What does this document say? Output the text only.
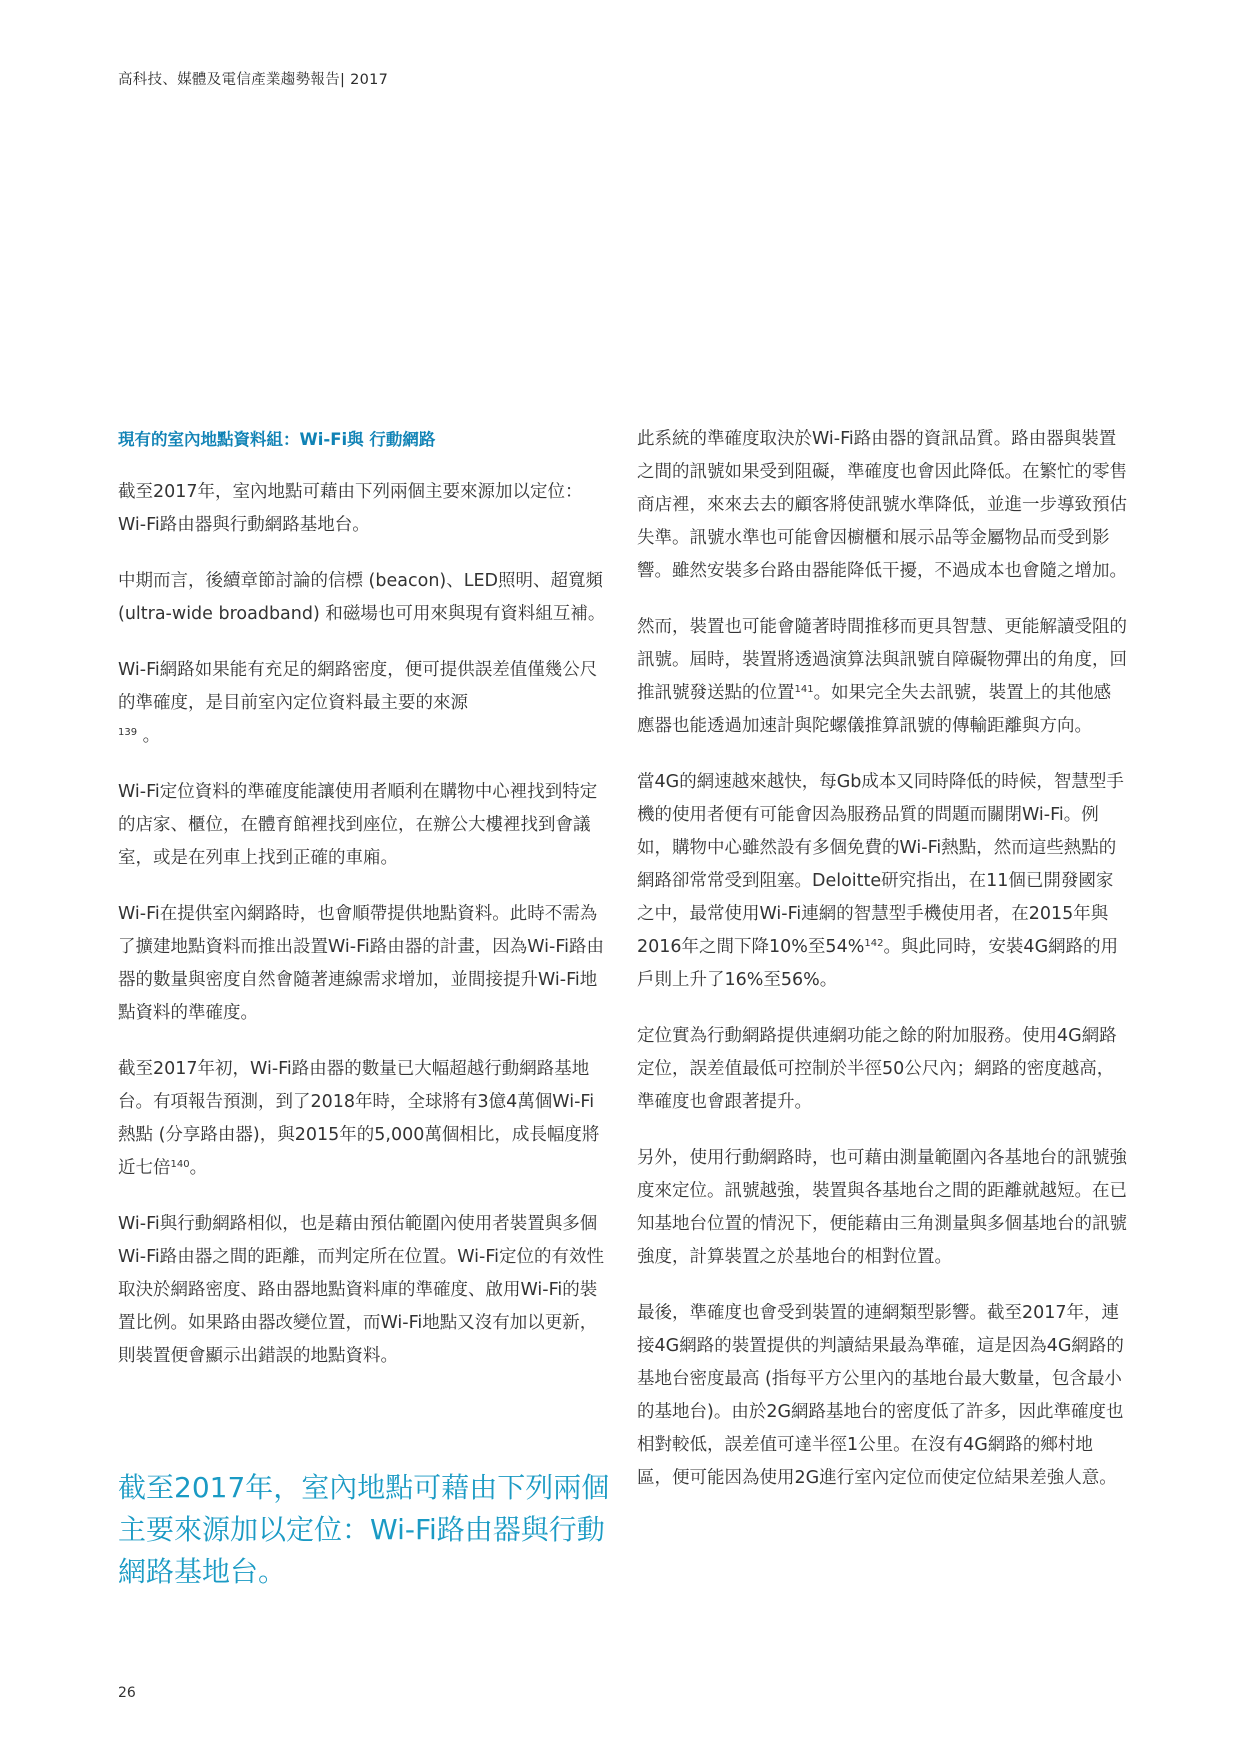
高科技、媒體及電信產業趨勢報告| 2017
現有的室內地點資料組：Wi-Fi與 行動網路

截至2017年，室內地點可藉由下列兩個主要來源加以定位：Wi-Fi路由器與行動網路基地台。

中期而言，後續章節討論的信標 (beacon)、LED照明、超寬頻 (ultra-wide broadband) 和磁場也可用來與現有資料組互補。

Wi-Fi網路如果能有充足的網路密度，便可提供誤差值僅幾公尺的準確度，是目前室內定位資料最主要的來源
$^{139}$ 。

Wi-Fi定位資料的準確度能讓使用者順利在購物中心裡找到特定的店家、櫃位，在體育館裡找到座位，在辦公大樓裡找到會議室，或是在列車上找到正確的車廂。

Wi-Fi在提供室內網路時，也會順帶提供地點資料。此時不需為了擴建地點資料而推出設置Wi-Fi路由器的計畫，因為Wi-Fi路由器的數量與密度自然會隨著連線需求增加，並間接提升Wi-Fi地點資料的準確度。

截至2017年初，Wi-Fi路由器的數量已大幅超越行動網路基地台。有項報告預測，到了2018年時，全球將有3億4萬個Wi-Fi熱點 (分享路由器)，與2015年的5,000萬個相比，成長幅度將近七倍$^{140}$。

Wi-Fi與行動網路相似，也是藉由預估範圍內使用者裝置與多個Wi-Fi路由器之間的距離，而判定所在位置。Wi-Fi定位的有效性取決於網路密度、路由器地點資料庫的準確度、啟用Wi-Fi的裝置比例。如果路由器改變位置，而Wi-Fi地點又沒有加以更新，則裝置便會顯示出錯誤的地點資料。

截至2017年，室內地點可藉由下列兩個主要來源加以定位：Wi-Fi路由器與行動網路基地台。

此系統的準確度取決於Wi-Fi路由器的資訊品質。路由器與裝置之間的訊號如果受到阻礙，準確度也會因此降低。在繁忙的零售商店裡，來來去去的顧客將使訊號水準降低，並進一步導致預估失準。訊號水準也可能會因櫥櫃和展示品等金屬物品而受到影響。雖然安裝多台路由器能降低干擾，不過成本也會隨之增加。

然而，裝置也可能會隨著時間推移而更具智慧、更能解讀受阻的訊號。屆時，裝置將透過演算法與訊號自障礙物彈出的角度，回推訊號發送點的位置$^{141}$。如果完全失去訊號，裝置上的其他感應器也能透過加速計與陀螺儀推算訊號的傳輸距離與方向。

當4G的網速越來越快，每Gb成本又同時降低的時候，智慧型手機的使用者便有可能會因為服務品質的問題而關閉Wi-Fi。例如，購物中心雖然設有多個免費的Wi-Fi熱點，然而這些熱點的網路卻常常受到阻塞。Deloitte研究指出，在11個已開發國家之中，最常使用Wi-Fi連網的智慧型手機使用者，在2015年與2016年之間下降10%至54%$^{142}$。與此同時，安裝4G網路的用戶則上升了16%至56%。

定位實為行動網路提供連網功能之餘的附加服務。使用4G網路定位，誤差值最低可控制於半徑50公尺內；網路的密度越高，準確度也會跟著提升。

另外，使用行動網路時，也可藉由測量範圍內各基地台的訊號強度來定位。訊號越強，裝置與各基地台之間的距離就越短。在已知基地台位置的情況下，便能藉由三角測量與多個基地台的訊號強度，計算裝置之於基地台的相對位置。

最後，準確度也會受到裝置的連網類型影響。截至2017年，連接4G網路的裝置提供的判讀結果最為準確，這是因為4G網路的基地台密度最高 (指每平方公里內的基地台最大數量，包含最小的基地台)。由於2G網路基地台的密度低了許多，因此準確度也相對較低，誤差值可達半徑1公里。在沒有4G網路的鄉村地區，便可能因為使用2G進行室內定位而使定位結果差強人意。

26
